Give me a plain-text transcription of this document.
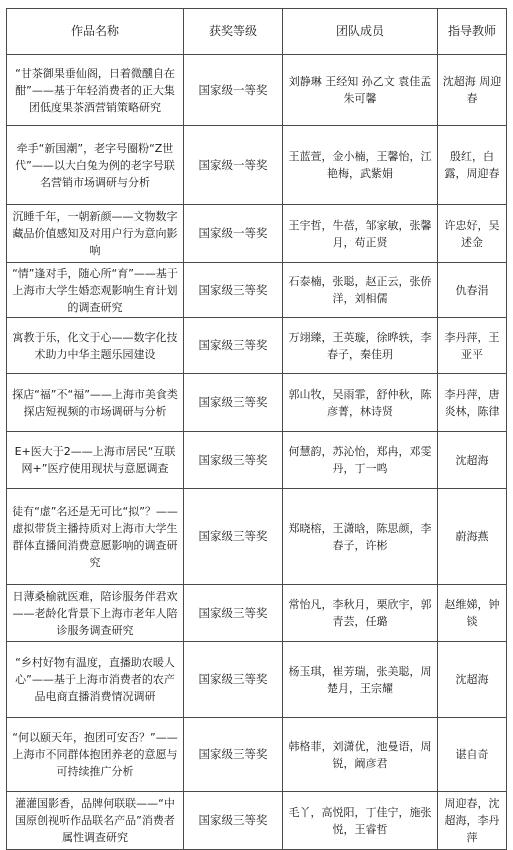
作品名称	获奖等级	团队成员	指导教师
“甘茶御果垂仙阁，日着微醺自在酣”——基于年轻消费者的正大集团低度果茶酒营销策略研究	国家级一等奖	刘静琳 王经知 孙乙文 袁佳孟 朱可馨	沈超海 周迎春
牵手“新国潮”，老字号圈粉“Z世代”——以大白兔为例的老字号联名营销市场调研与分析	国家级一等奖	王蓝萱，金小楠，王馨怡，江艳梅，武紫娟	殷红，白露，周迎春
沉睡千年，一朝新颜——文物数字藏品价值感知及对用户行为意向影响	国家级一等奖	王宇哲，牛蓓，邹家敏，张馨月，苟正贤	许忠好，吴述金
“情”逢对手，随心所“育”——基于上海市大学生婚恋观影响生育计划的调查研究	国家级三等奖	石泰楠，张聪，赵正云，张侨洋，刘相儒	仇春涓
寓教于乐，化文于心——数字化技术助力中华主题乐园建设	国家级三等奖	万翊臻，王英璇，徐晔轶，李春子，秦佳玥	李丹萍，王亚平
探店“福”不“福”——上海市美食类探店短视频的市场调研与分析	国家级三等奖	郭山牧，吴雨霏，舒仲秋，陈彦菁，林诗贤	李丹萍，唐炎林，陈律
E+医大于2——上海市居民“互联网+”医疗使用现状与意愿调查	国家级三等奖	何慧韵，苏沁怡，郑冉，邓雯丹，丁一鸣	沈超海
徒有“虚”名还是无可比“拟”？——虚拟带货主播持质对上海市大学生群体直播间消费意愿影响的调查研究	国家级三等奖	郑晓榕，王潇晗，陈思颜，李春子，许彬	蔚海燕
日薄桑榆就医难，陪诊服务伴君欢——老龄化背景下上海市老年人陪诊服务调查研究	国家级三等奖	常怡凡，李秋月，栗欣宇，郭青芸，任璐	赵维娣，钟锬
“乡村好物有温度，直播助农暖人心”——基于上海市消费者的农产品电商直播消费情况调研	国家级三等奖	杨玉琪，崔芳瑞，张美聪，周楚月，王宗耀	沈超海
“何以颐天年，抱团可安否？”——上海市不同群体抱团养老的意愿与可持续推广分析	国家级三等奖	韩格菲，刘潇优，池曼语，周锐，阚彦君	谌自奇
灌灌国影香，品牌何联联——“中国原创视听作品联名产品”消费者属性调查研究	国家级三等奖	毛丫，高悦阳，丁佳宁，施张悦，王睿哲	周迎春，沈超海，李丹萍
